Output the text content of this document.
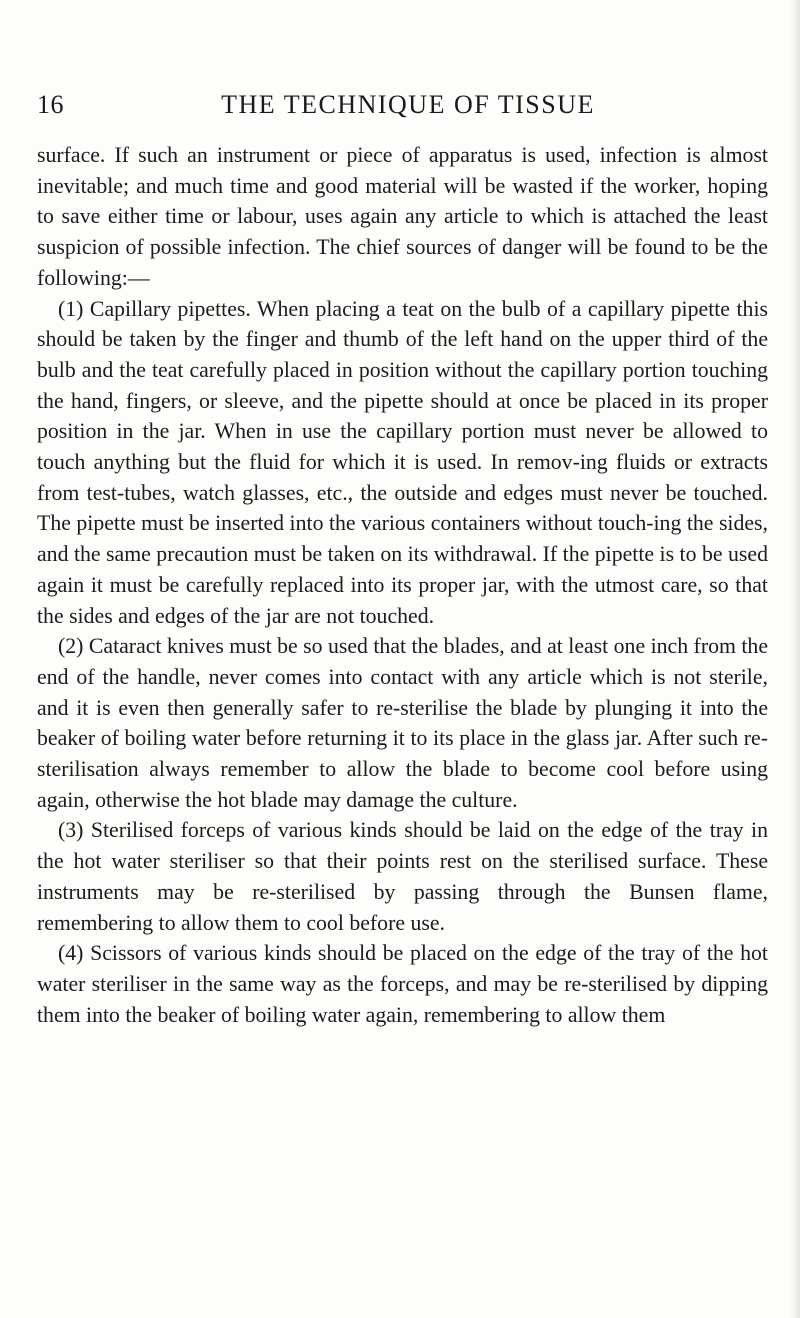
16	THE TECHNIQUE OF TISSUE

surface. If such an instrument or piece of apparatus is used, infection is almost inevitable; and much time and good material will be wasted if the worker, hoping to save either time or labour, uses again any article to which is attached the least suspicion of possible infection. The chief sources of danger will be found to be the following:—

(1) Capillary pipettes. When placing a teat on the bulb of a capillary pipette this should be taken by the finger and thumb of the left hand on the upper third of the bulb and the teat carefully placed in position without the capillary portion touching the hand, fingers, or sleeve, and the pipette should at once be placed in its proper position in the jar. When in use the capillary portion must never be allowed to touch anything but the fluid for which it is used. In remov-ing fluids or extracts from test-tubes, watch glasses, etc., the outside and edges must never be touched. The pipette must be inserted into the various containers without touch-ing the sides, and the same precaution must be taken on its withdrawal. If the pipette is to be used again it must be carefully replaced into its proper jar, with the utmost care, so that the sides and edges of the jar are not touched.

(2) Cataract knives must be so used that the blades, and at least one inch from the end of the handle, never comes into contact with any article which is not sterile, and it is even then generally safer to re-sterilise the blade by plunging it into the beaker of boiling water before returning it to its place in the glass jar. After such re-sterilisation always remember to allow the blade to become cool before using again, otherwise the hot blade may damage the culture.

(3) Sterilised forceps of various kinds should be laid on the edge of the tray in the hot water steriliser so that their points rest on the sterilised surface. These instruments may be re-sterilised by passing through the Bunsen flame, remembering to allow them to cool before use.

(4) Scissors of various kinds should be placed on the edge of the tray of the hot water steriliser in the same way as the forceps, and may be re-sterilised by dipping them into the beaker of boiling water again, remembering to allow them
